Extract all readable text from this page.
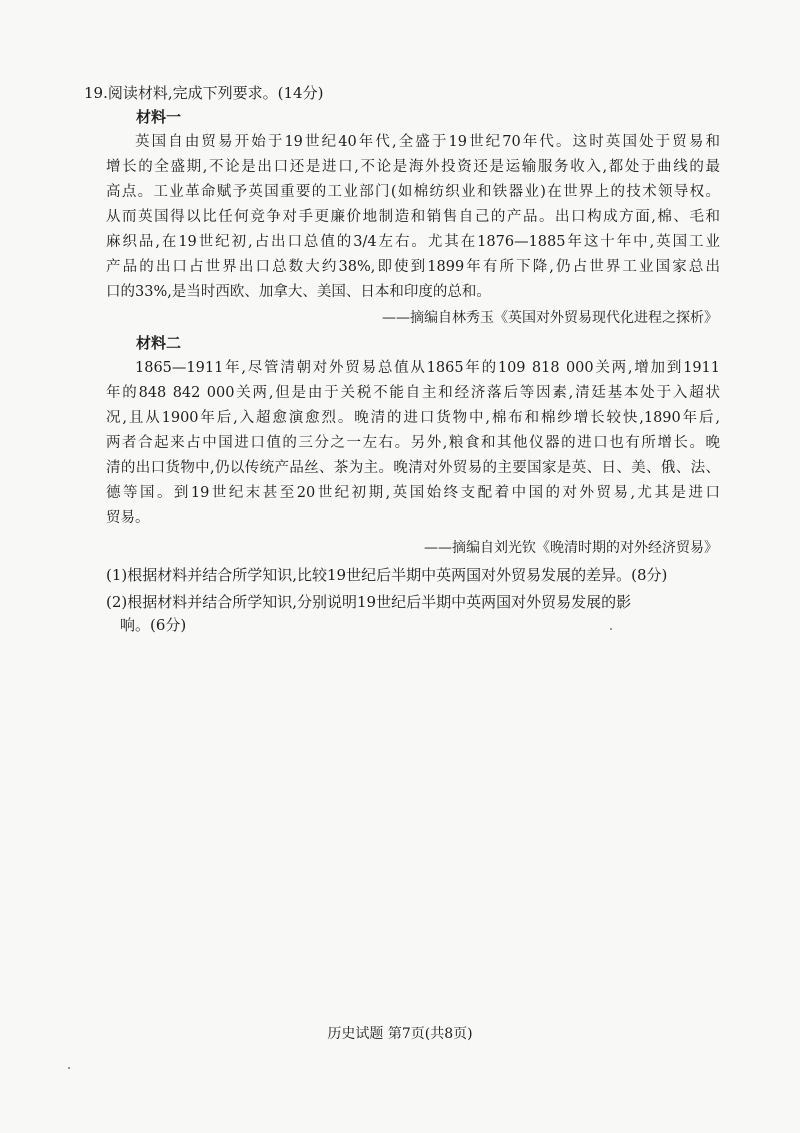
19.阅读材料,完成下列要求。(14分)
材料一
英国自由贸易开始于19世纪40年代,全盛于19世纪70年代。这时英国处于贸易和
增长的全盛期,不论是出口还是进口,不论是海外投资还是运输服务收入,都处于曲线的最
高点。工业革命赋予英国重要的工业部门(如棉纺织业和铁器业)在世界上的技术领导权。
从而英国得以比任何竞争对手更廉价地制造和销售自己的产品。出口构成方面,棉、毛和
麻织品,在19世纪初,占出口总值的3/4左右。尤其在1876—1885年这十年中,英国工业
产品的出口占世界出口总数大约38%,即使到1899年有所下降,仍占世界工业国家总出
口的33%,是当时西欧、加拿大、美国、日本和印度的总和。
——摘编自林秀玉《英国对外贸易现代化进程之探析》
材料二
1865—1911年,尽管清朝对外贸易总值从1865年的109 818 000关两,增加到1911
年的848 842 000关两,但是由于关税不能自主和经济落后等因素,清廷基本处于入超状
况,且从1900年后,入超愈演愈烈。晚清的进口货物中,棉布和棉纱增长较快,1890年后,
两者合起来占中国进口值的三分之一左右。另外,粮食和其他仪器的进口也有所增长。晚
清的出口货物中,仍以传统产品丝、茶为主。晚清对外贸易的主要国家是英、日、美、俄、法、
德等国。到19世纪末甚至20世纪初期,英国始终支配着中国的对外贸易,尤其是进口
贸易。
——摘编自刘光钦《晚清时期的对外经济贸易》
(1)根据材料并结合所学知识,比较19世纪后半期中英两国对外贸易发展的差异。(8分)
(2)根据材料并结合所学知识,分别说明19世纪后半期中英两国对外贸易发展的影
响。(6分)
历史试题 第7页(共8页)
